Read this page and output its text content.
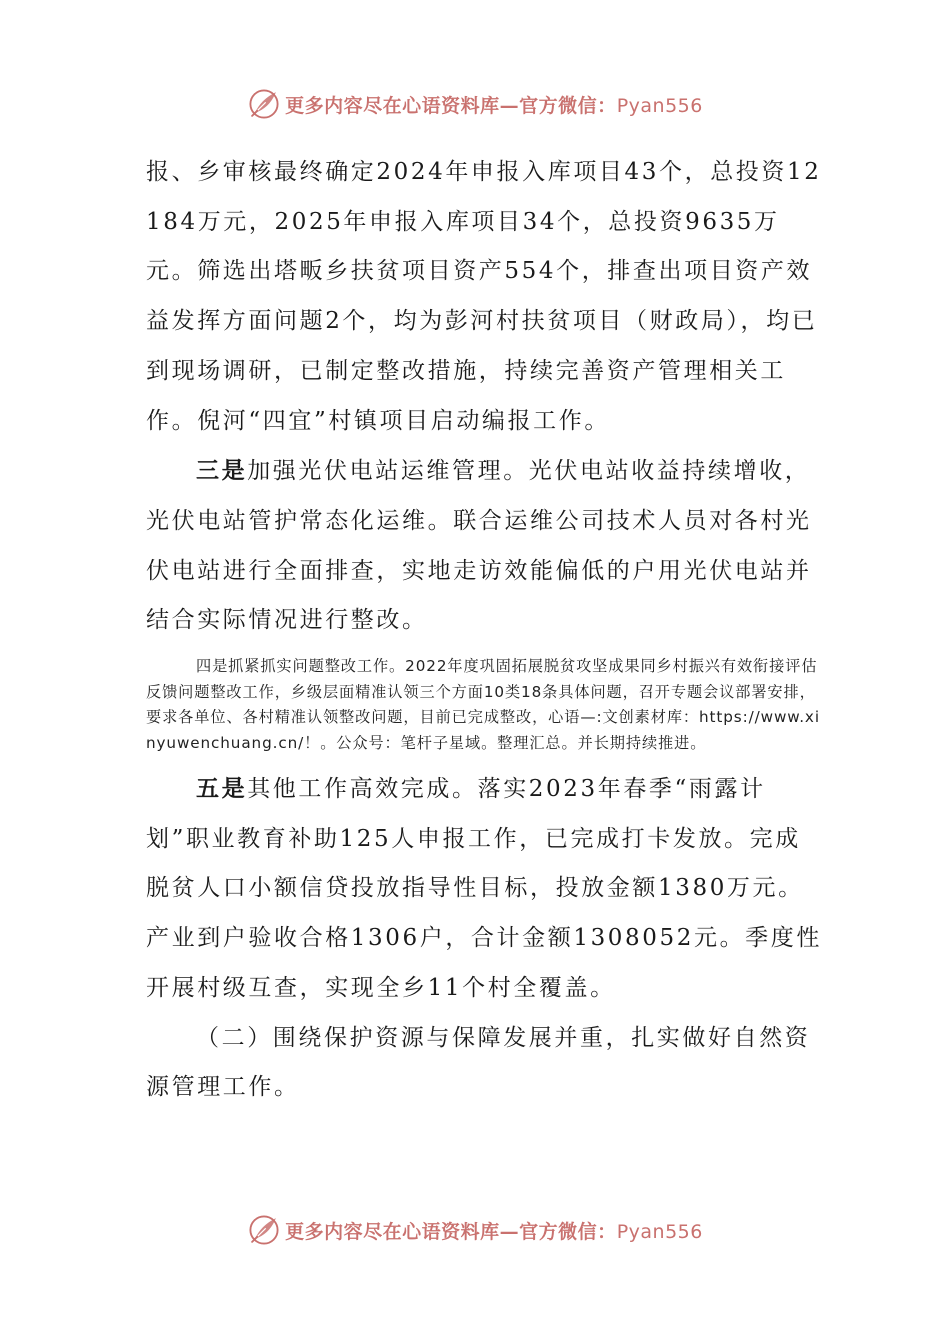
更多内容尽在心语资料库—官方微信：Pyan556

报、乡审核最终确定2024年申报入库项目43个，总投资12184万元，2025年申报入库项目34个，总投资9635万元。筛选出塔畈乡扶贫项目资产554个，排查出项目资产效益发挥方面问题2个，均为彭河村扶贫项目（财政局），均已到现场调研，已制定整改措施，持续完善资产管理相关工作。倪河“四宜”村镇项目启动编报工作。

三是加强光伏电站运维管理。光伏电站收益持续增收，光伏电站管护常态化运维。联合运维公司技术人员对各村光伏电站进行全面排查，实地走访效能偏低的户用光伏电站并结合实际情况进行整改。

四是抓紧抓实问题整改工作。2022年度巩固拓展脱贫攻坚成果同乡村振兴有效衔接评估反馈问题整改工作，乡级层面精准认领三个方面10类18条具体问题，召开专题会议部署安排，要求各单位、各村精准认领整改问题，目前已完成整改，心语—:文创素材库：https://www.xinyuwenchuang.cn/！。公众号：笔杆子星域。整理汇总。并长期持续推进。

五是其他工作高效完成。落实2023年春季“雨露计划”职业教育补助125人申报工作，已完成打卡发放。完成脱贫人口小额信贷投放指导性目标，投放金额1380万元。产业到户验收合格1306户，合计金额1308052元。季度性开展村级互查，实现全乡11个村全覆盖。

（二）围绕保护资源与保障发展并重，扎实做好自然资源管理工作。

更多内容尽在心语资料库—官方微信：Pyan556
